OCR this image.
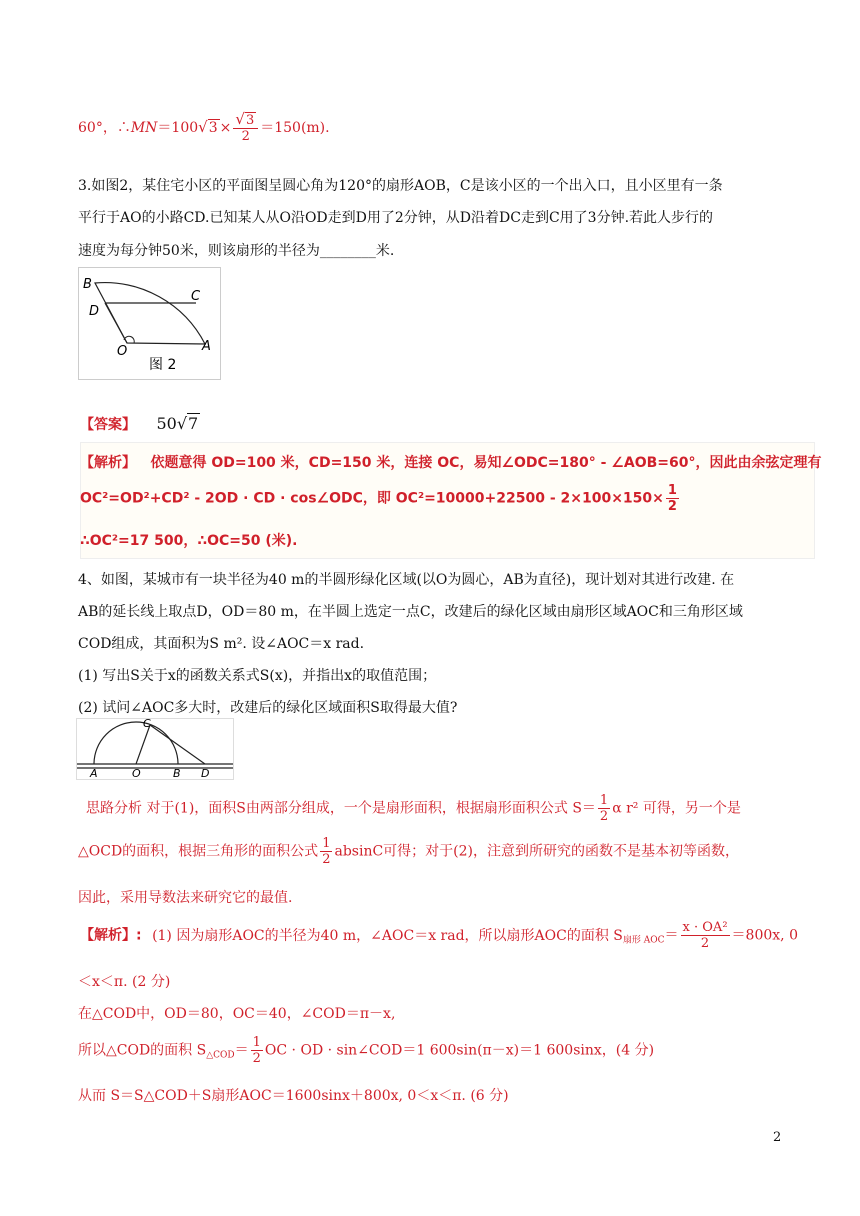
60°，∴MN＝100√3 × $\frac{√3}{2} =150(m)$.
3.如图2，某住宅小区的平面图呈圆心角为120°的扇形AOB，C是该小区的一个出入口，且小区里有一条
平行于AO的小路CD.已知某人从O沿OD走到D用了2分钟，从D沿着DC走到C用了3分钟.若此人步行的
速度为每分钟50米，则该扇形的半径为________米.
B
C
D
O	A
图 2
【答案】 50√7
【解析】 依题意得 OD=100 米，CD=150 米，连接 OC，易知∠ODC=180° - ∠AOB=60°，因此由余弦定理有
OC²=OD²+CD² - 2OD · CD · cos∠ODC，即 $OC^2=10000+22500 - 2\times 100\times 150\times \frac{1}{2}$
∴OC²=17 500，∴OC=50 (米).
4、如图，某城市有一块半径为40 m的半圆形绿化区域(以O为圆心，AB为直径)，现计划对其进行改建. 在
AB的延长线上取点D，OD＝80 m，在半圆上选定一点C，改建后的绿化区域由扇形区域AOC和三角形区域
COD组成，其面积为S m². 设∠AOC＝x rad.
(1) 写出S关于x的函数关系式S(x)，并指出x的取值范围；
(2) 试问∠AOC多大时，改建后的绿化区域面积S取得最大值?
A	O	B D
C
思路分析 对于(1)，面积S由两部分组成，一个是扇形面积，根据扇形面积公式 $S= \frac{1}{2}$ α r² 可得，另一个是
△OCD的面积，根据三角形的面积公式 $\frac{1}{2}$ absinC可得；对于(2)，注意到所研究的函数不是基本初等函数，
因此，采用导数法来研究它的最值.
【解析】: (1) 因为扇形AOC的半径为40 m，∠AOC＝x rad，所以扇形AOC的面积 $S_{扇形 AOC}= \frac{\text{x · OA²}}{2} =800x$, 0
＜x＜π. (2 分)
在△COD中，OD＝80，OC＝40，∠COD＝π－x,
所以△COD的面积 $S_{\triangle COD}= \frac{1}{2}$ OC · OD · sin∠COD＝1 600sin(π－x)＝1 600sinx，(4 分)
从而 S＝S△COD＋S扇形AOC＝1600sinx＋800x, 0＜x＜π. (6 分)
2
